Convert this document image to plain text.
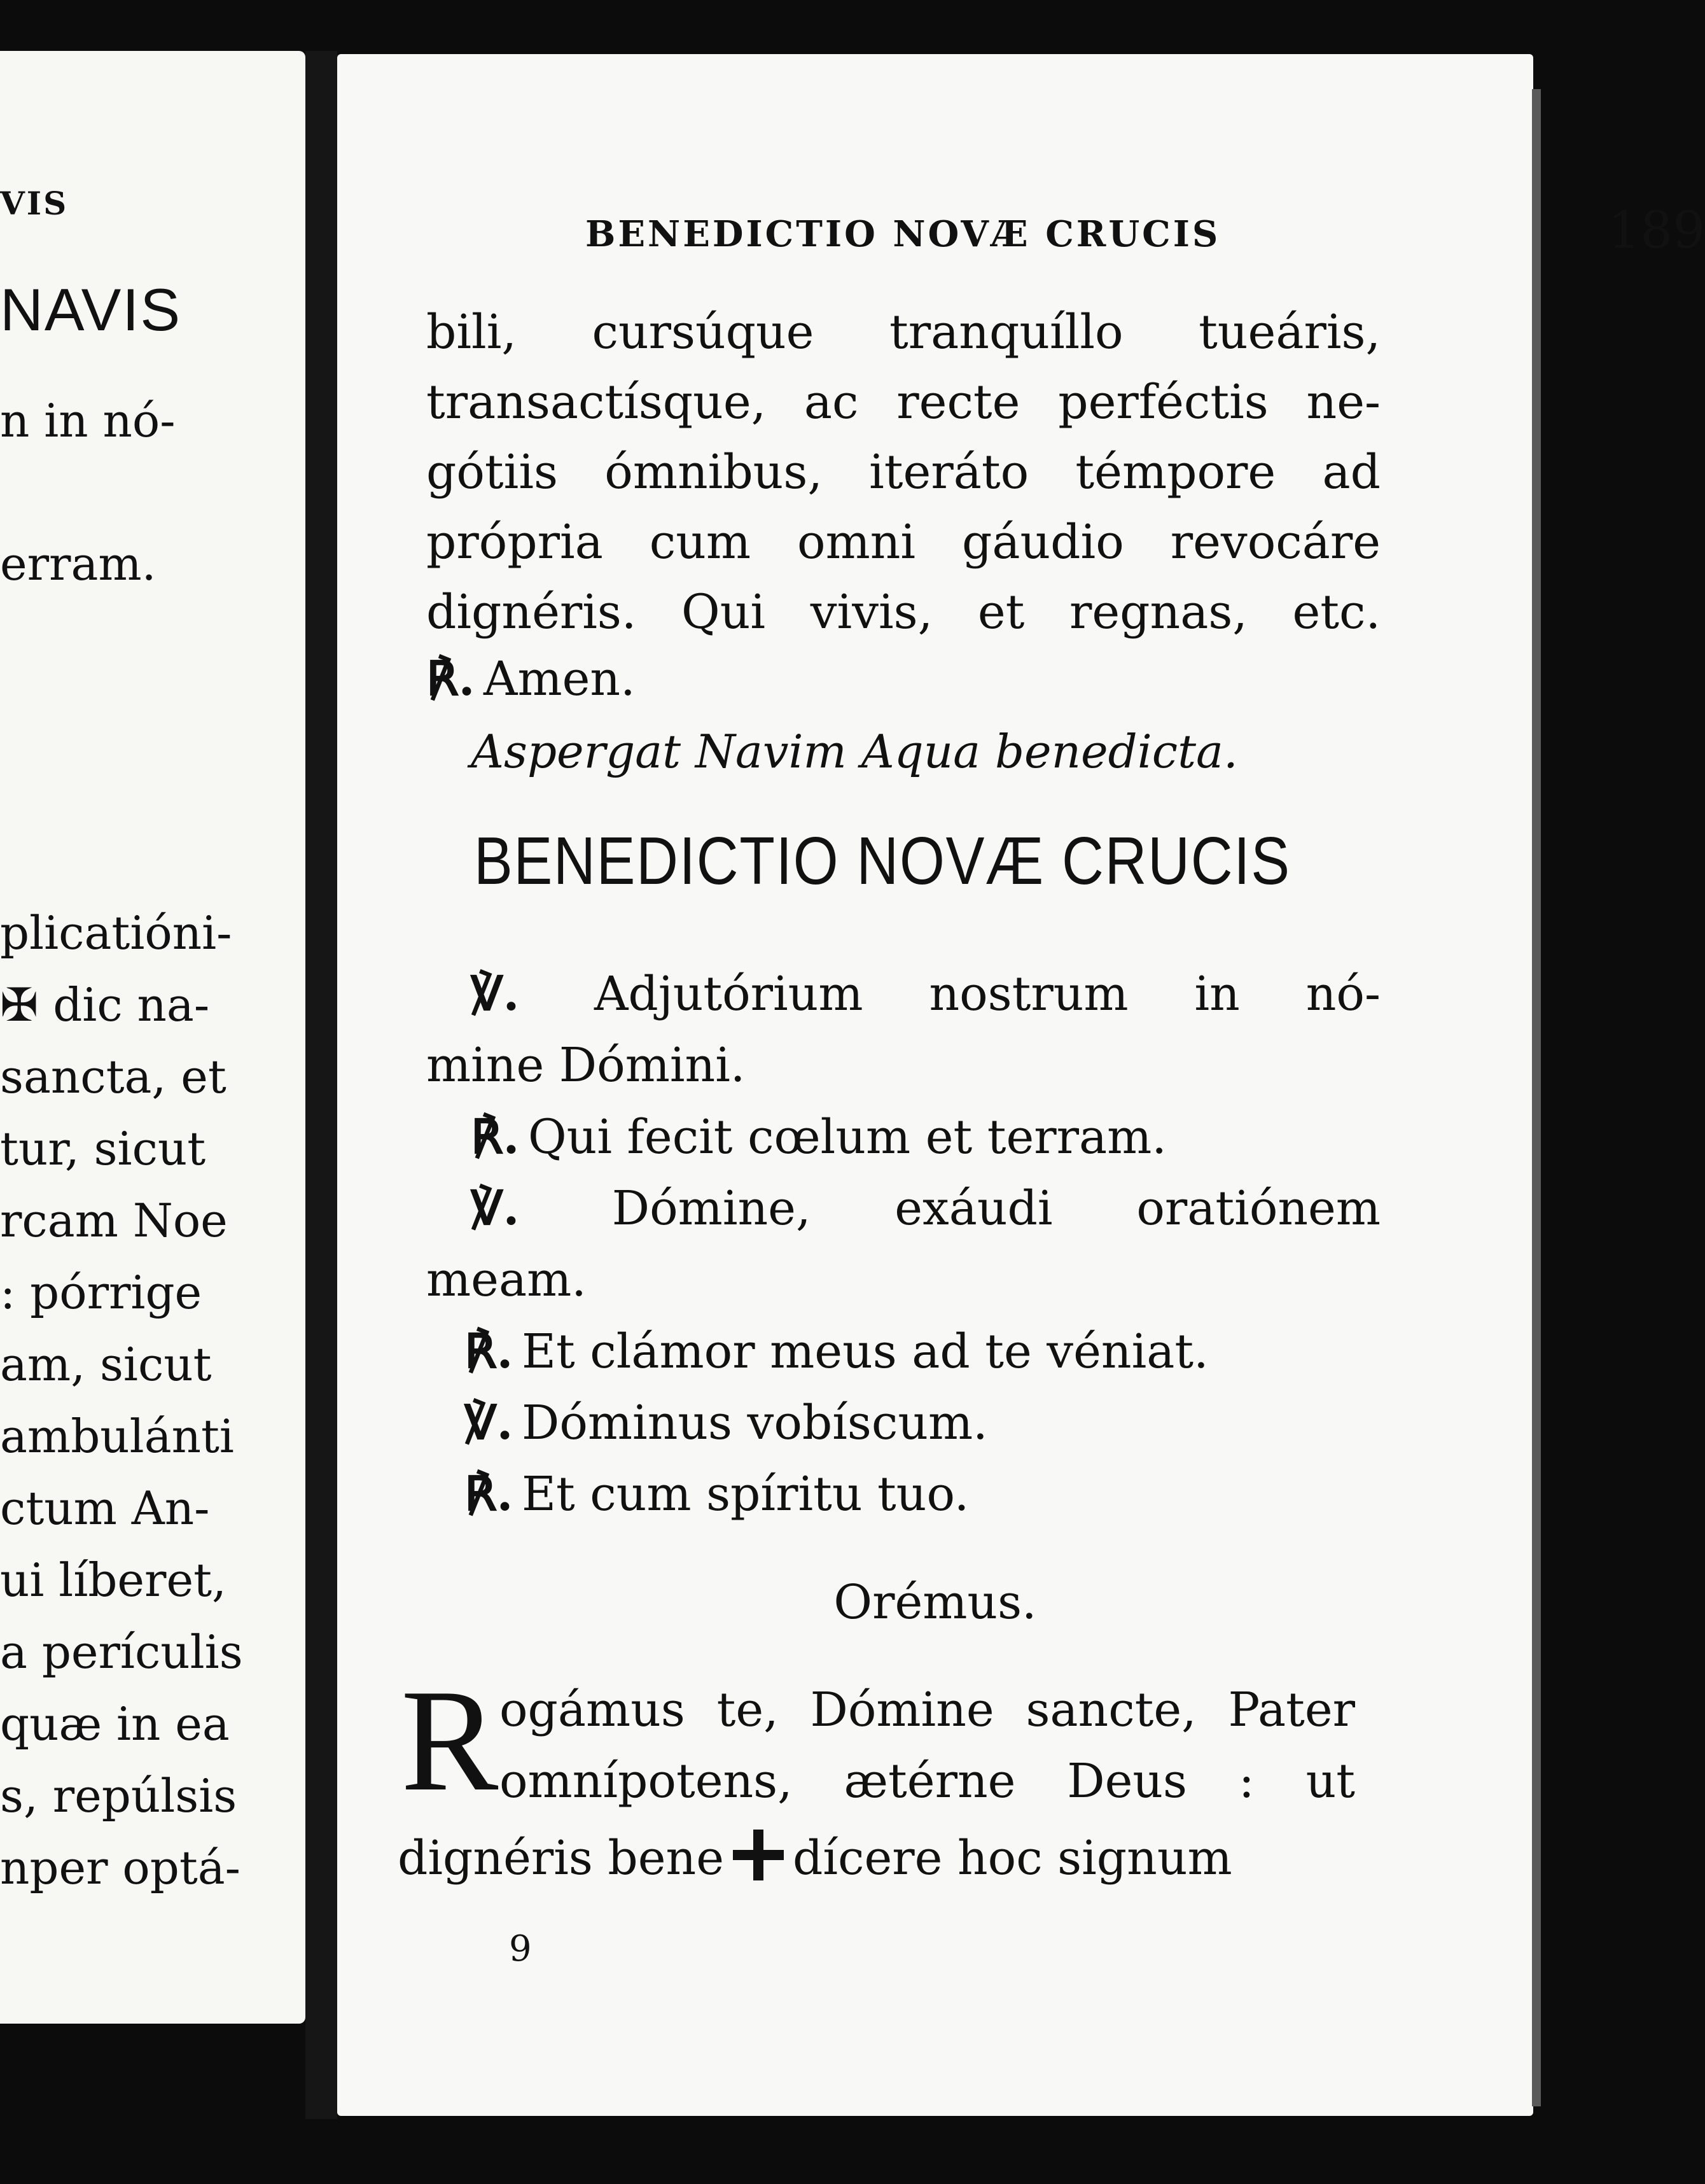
VIS
NAVIS
n in nó-
erram.
plicatióni-
✠ dic na-
sancta, et
tur, sicut
rcam Noe
: pórrige
am, sicut
ambulánti
ctum An-
ui líberet,
a perículis
quæ in ea
s, repúlsis
nper optá-
BENEDICTIO NOVÆ CRUCIS	189
bili, cursúque tranquíllo tueáris,
transactísque, ac recte perféctis ne-
gótiis ómnibus, iteráto témpore ad
própria cum omni gáudio revocáre
dignéris. Qui vivis, et regnas, etc.
℟. Amen.
Aspergat Navim Aqua benedicta.
BENEDICTIO NOVÆ CRUCIS
℣. Adjutórium nostrum in nó-
mine Dómini.
℟. Qui fecit cœlum et terram.
℣. Dómine, exáudi oratiónem
meam.
℟. Et clámor meus ad te véniat.
℣. Dóminus vobíscum.
℟. Et cum spíritu tuo.
Orémus.
R ogámus te, Dómine sancte, Pater
omnípotens, ætérne Deus : ut
dignéris bene dícere hoc signum
9
